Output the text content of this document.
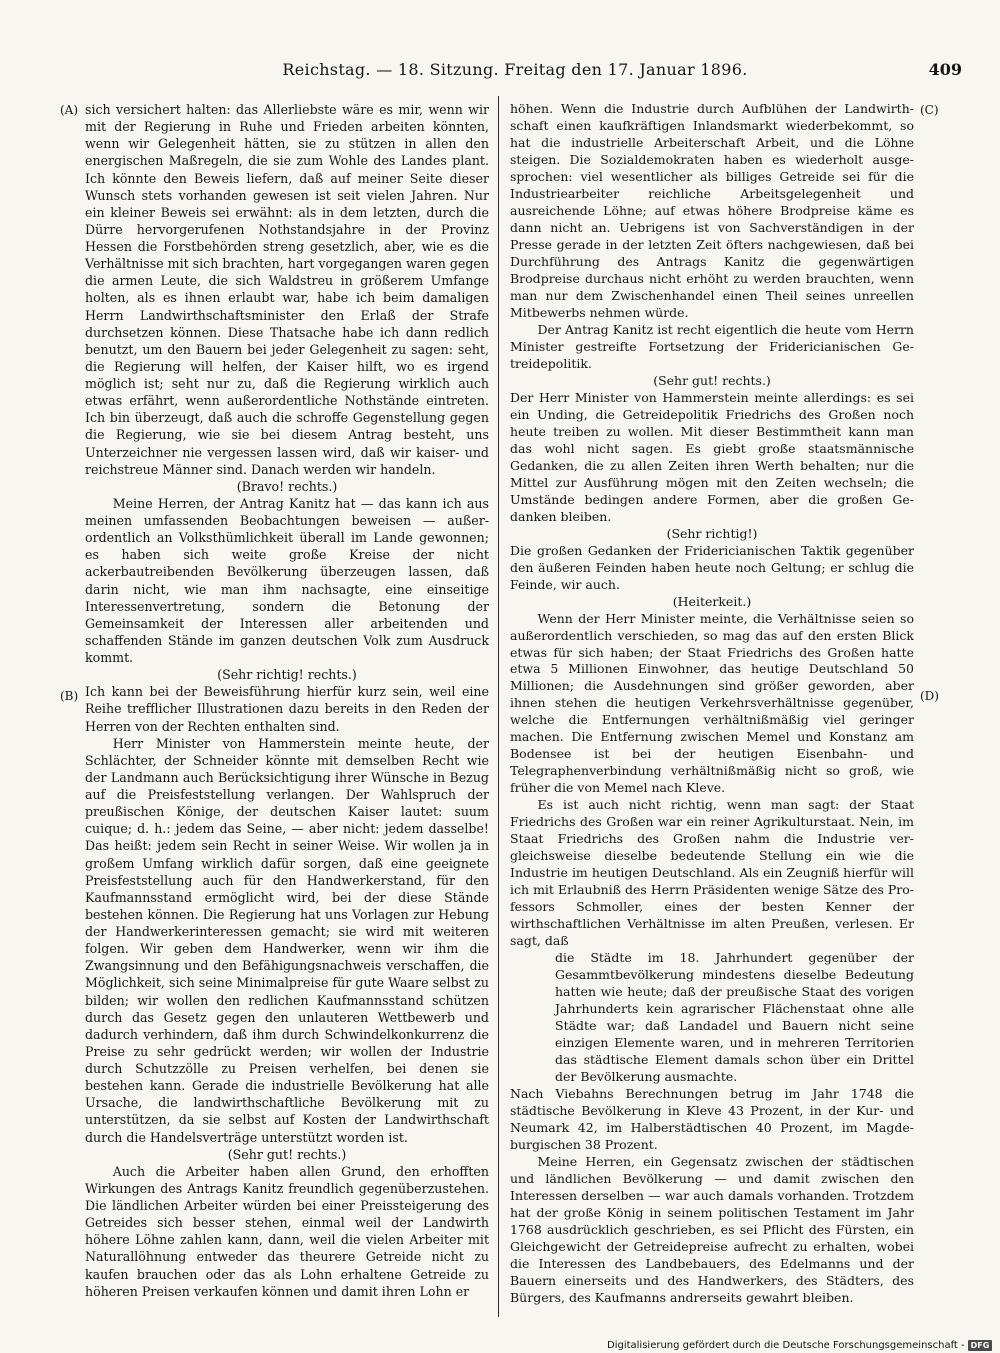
Reichstag. — 18. Sitzung. Freitag den 17. Januar 1896.	409
(A)
(B)
(C)
(D)

sich versichert halten: das Allerliebste wäre es mir, wenn wir mit der Regierung in Ruhe und Frieden arbeiten könnten, wenn wir Gelegenheit hätten, sie zu stützen in allen den energischen Maßregeln, die sie zum Wohle des Landes plant. Ich könnte den Beweis liefern, daß auf meiner Seite dieser Wunsch stets vorhanden gewesen ist seit vielen Jahren. Nur ein kleiner Beweis sei erwähnt: als in dem letzten, durch die Dürre hervorgerufenen Nothstandsjahre in der Provinz Hessen die Forstbehörden streng gesetzlich, aber, wie es die Verhältnisse mit sich brachten, hart vorgegangen waren gegen die armen Leute, die sich Waldstreu in größerem Umfange holten, als es ihnen erlaubt war, habe ich beim damaligen Herrn Landwirthschaftsminister den Erlaß der Strafe durchsetzen können. Diese Thatsache habe ich dann redlich benutzt, um den Bauern bei jeder Gelegenheit zu sagen: seht, die Regierung will helfen, der Kaiser hilft, wo es irgend möglich ist; seht nur zu, daß die Regierung wirklich auch etwas erfährt, wenn außerordentliche Nothstände eintreten. Ich bin überzeugt, daß auch die schroffe Gegenstellung gegen die Regierung, wie sie bei diesem Antrag besteht, uns Unterzeichner nie vergessen lassen wird, daß wir kaiser- und reichstreue Männer sind. Danach werden wir handeln.

(Bravo! rechts.)

Meine Herren, der Antrag Kanitz hat — das kann ich aus meinen umfassenden Beobachtungen beweisen — außerordentlich an Volksthümlichkeit überall im Lande gewonnen; es haben sich weite große Kreise der nicht ackerbautreibenden Bevölkerung überzeugen lassen, daß darin nicht, wie man ihm nachsagte, eine einseitige Interessenvertretung, sondern die Betonung der Gemeinsamkeit der Interessen aller arbeitenden und schaffenden Stände im ganzen deutschen Volk zum Ausdruck kommt.

(Sehr richtig! rechts.)

Ich kann bei der Beweisführung hierfür kurz sein, weil eine Reihe trefflicher Illustrationen dazu bereits in den Reden der Herren von der Rechten enthalten sind.

Herr Minister von Hammerstein meinte heute, der Schlächter, der Schneider könnte mit demselben Recht wie der Landmann auch Berücksichtigung ihrer Wünsche in Bezug auf die Preisfeststellung verlangen. Der Wahlspruch der preußischen Könige, der deutschen Kaiser lautet: suum cuique; d. h.: jedem das Seine, — aber nicht: jedem dasselbe! Das heißt: jedem sein Recht in seiner Weise. Wir wollen ja in großem Umfang wirklich dafür sorgen, daß eine geeignete Preisfeststellung auch für den Handwerkerstand, für den Kaufmannsstand ermöglicht wird, bei der diese Stände bestehen können. Die Regierung hat uns Vorlagen zur Hebung der Handwerkerinteressen gemacht; sie wird mit weiteren folgen. Wir geben dem Handwerker, wenn wir ihm die Zwangsinnung und den Befähigungsnachweis verschaffen, die Möglichkeit, sich seine Minimalpreise für gute Waare selbst zu bilden; wir wollen den redlichen Kaufmannsstand schützen durch das Gesetz gegen den unlauteren Wettbewerb und dadurch verhindern, daß ihm durch Schwindelkonkurrenz die Preise zu sehr gedrückt werden; wir wollen der Industrie durch Schutzzölle zu Preisen verhelfen, bei denen sie bestehen kann. Gerade die industrielle Bevölkerung hat alle Ursache, die landwirthschaftliche Bevölkerung mit zu unterstützen, da sie selbst auf Kosten der Landwirthschaft durch die Handelsverträge unterstützt worden ist.

(Sehr gut! rechts.)

Auch die Arbeiter haben allen Grund, den erhofften Wirkungen des Antrags Kanitz freundlich gegenüberzustehen. Die ländlichen Arbeiter würden bei einer Preissteigerung des Getreides sich besser stehen, einmal weil der Landwirth höhere Löhne zahlen kann, dann, weil die vielen Arbeiter mit Naturallöhnung entweder das theurere Getreide nicht zu kaufen brauchen oder das als Lohn erhaltene Getreide zu höheren Preisen verkaufen können und damit ihren Lohn er

höhen. Wenn die Industrie durch Aufblühen der Landwirthschaft einen kaufkräftigen Inlandsmarkt wiederbekommt, so hat die industrielle Arbeiterschaft Arbeit, und die Löhne steigen. Die Sozialdemokraten haben es wiederholt ausgesprochen: viel wesentlicher als billiges Getreide sei für die Industriearbeiter reichliche Arbeitsgelegenheit und ausreichende Löhne; auf etwas höhere Brodpreise käme es dann nicht an. Uebrigens ist von Sachverständigen in der Presse gerade in der letzten Zeit öfters nachgewiesen, daß bei Durchführung des Antrags Kanitz die gegenwärtigen Brodpreise durchaus nicht erhöht zu werden brauchten, wenn man nur dem Zwischenhandel einen Theil seines unreellen Mitbewerbs nehmen würde.

Der Antrag Kanitz ist recht eigentlich die heute vom Herrn Minister gestreifte Fortsetzung der Fridericianischen Getreidepolitik.

(Sehr gut! rechts.)

Der Herr Minister von Hammerstein meinte allerdings: es sei ein Unding, die Getreidepolitik Friedrichs des Großen noch heute treiben zu wollen. Mit dieser Bestimmtheit kann man das wohl nicht sagen. Es giebt große staatsmännische Gedanken, die zu allen Zeiten ihren Werth behalten; nur die Mittel zur Ausführung mögen mit den Zeiten wechseln; die Umstände bedingen andere Formen, aber die großen Gedanken bleiben.

(Sehr richtig!)

Die großen Gedanken der Fridericianischen Taktik gegenüber den äußeren Feinden haben heute noch Geltung; er schlug die Feinde, wir auch.

(Heiterkeit.)

Wenn der Herr Minister meinte, die Verhältnisse seien so außerordentlich verschieden, so mag das auf den ersten Blick etwas für sich haben; der Staat Friedrichs des Großen hatte etwa 5 Millionen Einwohner, das heutige Deutschland 50 Millionen; die Ausdehnungen sind größer geworden, aber ihnen stehen die heutigen Verkehrsverhältnisse gegenüber, welche die Entfernungen verhältnißmäßig viel geringer machen. Die Entfernung zwischen Memel und Konstanz am Bodensee ist bei der heutigen Eisenbahn- und Telegraphenverbindung verhältnißmäßig nicht so groß, wie früher die von Memel nach Kleve.

Es ist auch nicht richtig, wenn man sagt: der Staat Friedrichs des Großen war ein reiner Agrikulturstaat. Nein, im Staat Friedrichs des Großen nahm die Industrie vergleichsweise dieselbe bedeutende Stellung ein wie die Industrie im heutigen Deutschland. Als ein Zeugniß hierfür will ich mit Erlaubniß des Herrn Präsidenten wenige Sätze des Professors Schmoller, eines der besten Kenner der wirthschaftlichen Verhältnisse im alten Preußen, verlesen. Er sagt, daß

die Städte im 18. Jahrhundert gegenüber der Gesammtbevölkerung mindestens dieselbe Bedeutung hatten wie heute; daß der preußische Staat des vorigen Jahrhunderts kein agrarischer Flächenstaat ohne alle Städte war; daß Landadel und Bauern nicht seine einzigen Elemente waren, und in mehreren Territorien das städtische Element damals schon über ein Drittel der Bevölkerung ausmachte.

Nach Viebahns Berechnungen betrug im Jahr 1748 die städtische Bevölkerung in Kleve 43 Prozent, in der Kur- und Neumark 42, im Halberstädtischen 40 Prozent, im Magdeburgischen 38 Prozent.

Meine Herren, ein Gegensatz zwischen der städtischen und ländlichen Bevölkerung — und damit zwischen den Interessen derselben — war auch damals vorhanden. Trotzdem hat der große König in seinem politischen Testament im Jahr 1768 ausdrücklich geschrieben, es sei Pflicht des Fürsten, ein Gleichgewicht der Getreidepreise aufrecht zu erhalten, wobei die Interessen des Landbebauers, des Edelmanns und der Bauern einerseits und des Handwerkers, des Städters, des Bürgers, des Kaufmanns andrerseits gewahrt bleiben.

Digitalisierung gefördert durch die Deutsche Forschungsgemeinschaft - DFG
